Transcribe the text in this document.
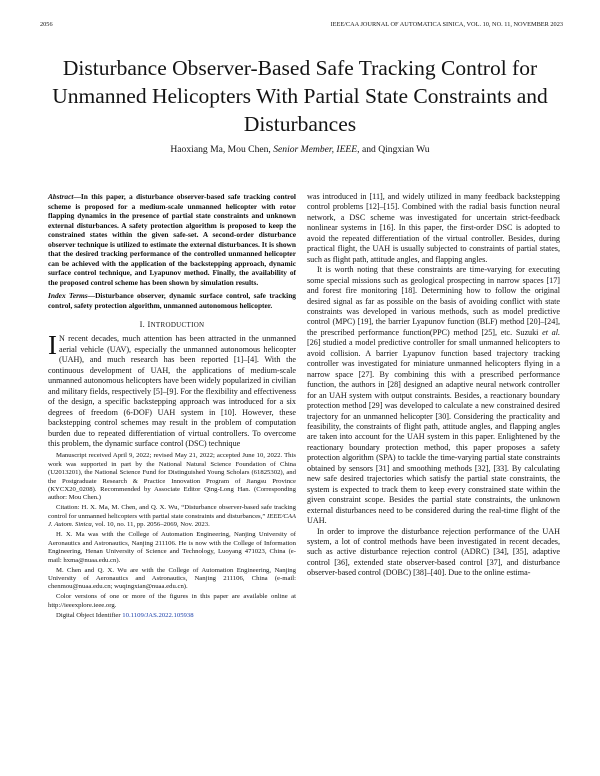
2056	IEEE/CAA JOURNAL OF AUTOMATICA SINICA, VOL. 10, NO. 11, NOVEMBER 2023
Disturbance Observer-Based Safe Tracking Control for Unmanned Helicopters With Partial State Constraints and Disturbances
Haoxiang Ma, Mou Chen, Senior Member, IEEE, and Qingxian Wu

Abstract—In this paper, a disturbance observer-based safe tracking control scheme is proposed for a medium-scale unmanned helicopter with rotor flapping dynamics in the presence of partial state constraints and unknown external disturbances. A safety protection algorithm is proposed to keep the constrained states within the given safe-set. A second-order disturbance observer technique is utilized to estimate the external disturbances. It is shown that the desired tracking performance of the controlled unmanned helicopter can be achieved with the application of the backstepping approach, dynamic surface control technique, and Lyapunov method. Finally, the availability of the proposed control scheme has been shown by simulation results.

Index Terms—Disturbance observer, dynamic surface control, safe tracking control, safety protection algorithm, unmanned autonomous helicopter.

I. INTRODUCTION

I N recent decades, much attention has been attracted in the unmanned aerial vehicle (UAV), especially the unmanned autonomous helicopter (UAH), and much research has been reported [1]–[4]. With the continuous development of UAH, the applications of medium-scale unmanned autonomous helicopters have been widely popularized in civilian and military fields, respectively [5]–[9]. For the flexibility and effectiveness of the design, a specific backstepping approach was introduced for a six degrees of freedom (6-DOF) UAH system in [10]. However, these backstepping control schemes may result in the problem of computation burden due to repeated differentiation of virtual controllers. To overcome this problem, the dynamic surface control (DSC) technique

Manuscript received April 9, 2022; revised May 21, 2022; accepted June 10, 2022. This work was supported in part by the National Natural Science Foundation of China (U2013201), the National Science Fund for Distinguished Young Scholars (61825302), and the Postgraduate Research & Practice Innovation Program of Jiangsu Province (KYCX20_0208). Recommended by Associate Editor Qing-Long Han. (Corresponding author: Mou Chen.)

Citation: H. X. Ma, M. Chen, and Q. X. Wu, “Disturbance observer-based safe tracking control for unmanned helicopters with partial state constraints and disturbances,” IEEE/CAA J. Autom. Sinica, vol. 10, no. 11, pp. 2056–2069, Nov. 2023.

H. X. Ma was with the College of Automation Engineering, Nanjing University of Aeronautics and Astronautics, Nanjing 211106. He is now with the College of Information Engineering, Henan University of Science and Technology, Luoyang 471023, China (e-mail: hxma@nuaa.edu.cn).

M. Chen and Q. X. Wu are with the College of Automation Engineering, Nanjing University of Aeronautics and Astronautics, Nanjing 211106, China (e-mail: chenmou@nuaa.edu.cn; wuqingxian@nuaa.edu.cn).

Color versions of one or more of the figures in this paper are available online at http://ieeexplore.ieee.org.

Digital Object Identifier 10.1109/JAS.2022.105938

was introduced in [11], and widely utilized in many feedback backstepping control problems [12]–[15]. Combined with the radial basis function neural network, a DSC scheme was investigated for uncertain strict-feedback nonlinear systems in [16]. In this paper, the first-order DSC is adopted to avoid the repeated differentiation of the virtual controller. Besides, during practical flight, the UAH is usually subjected to constraints of partial states, such as flight path, attitude angles, and flapping angles.

It is worth noting that these constraints are time-varying for executing some special missions such as geological prospecting in narrow spaces [17] and forest fire monitoring [18]. Determining how to follow the original desired signal as far as possible on the basis of avoiding conflict with state constraints was developed in various methods, such as model predictive control (MPC) [19], the barrier Lyapunov function (BLF) method [20]–[24], the prescribed performance function(PPC) method [25], etc. Suzuki et al. [26] studied a model predictive controller for small unmanned helicopters to avoid collision. A barrier Lyapunov function based trajectory tracking controller was investigated for miniature unmanned helicopters flying in a narrow space [27]. By combining this with a prescribed performance function, the authors in [28] designed an adaptive neural network controller for an UAH system with output constraints. Besides, a reactionary boundary protection method [29] was developed to calculate a new constrained desired trajectory for an unmanned helicopter [30]. Considering the practicality and feasibility, the constraints of flight path, attitude angles, and flapping angles are taken into account for the UAH system in this paper. Enlightened by the reactionary boundary protection method, this paper proposes a safety protection algorithm (SPA) to tackle the time-varying partial state constraints obtained by sensors [31] and smoothing methods [32], [33]. By calculating new safe desired trajectories which satisfy the partial state constraints, the system is expected to track them to keep every constrained state within the given constraint scope. Besides the partial state constraints, the unknown external disturbances need to be considered during the real-time flight of the UAH.

In order to improve the disturbance rejection performance of the UAH system, a lot of control methods have been investigated in recent decades, such as active disturbance rejection control (ADRC) [34], [35], adaptive control [36], extended state observer-based control [37], and disturbance observer-based control (DOBC) [38]–[40]. Due to the online estima-
